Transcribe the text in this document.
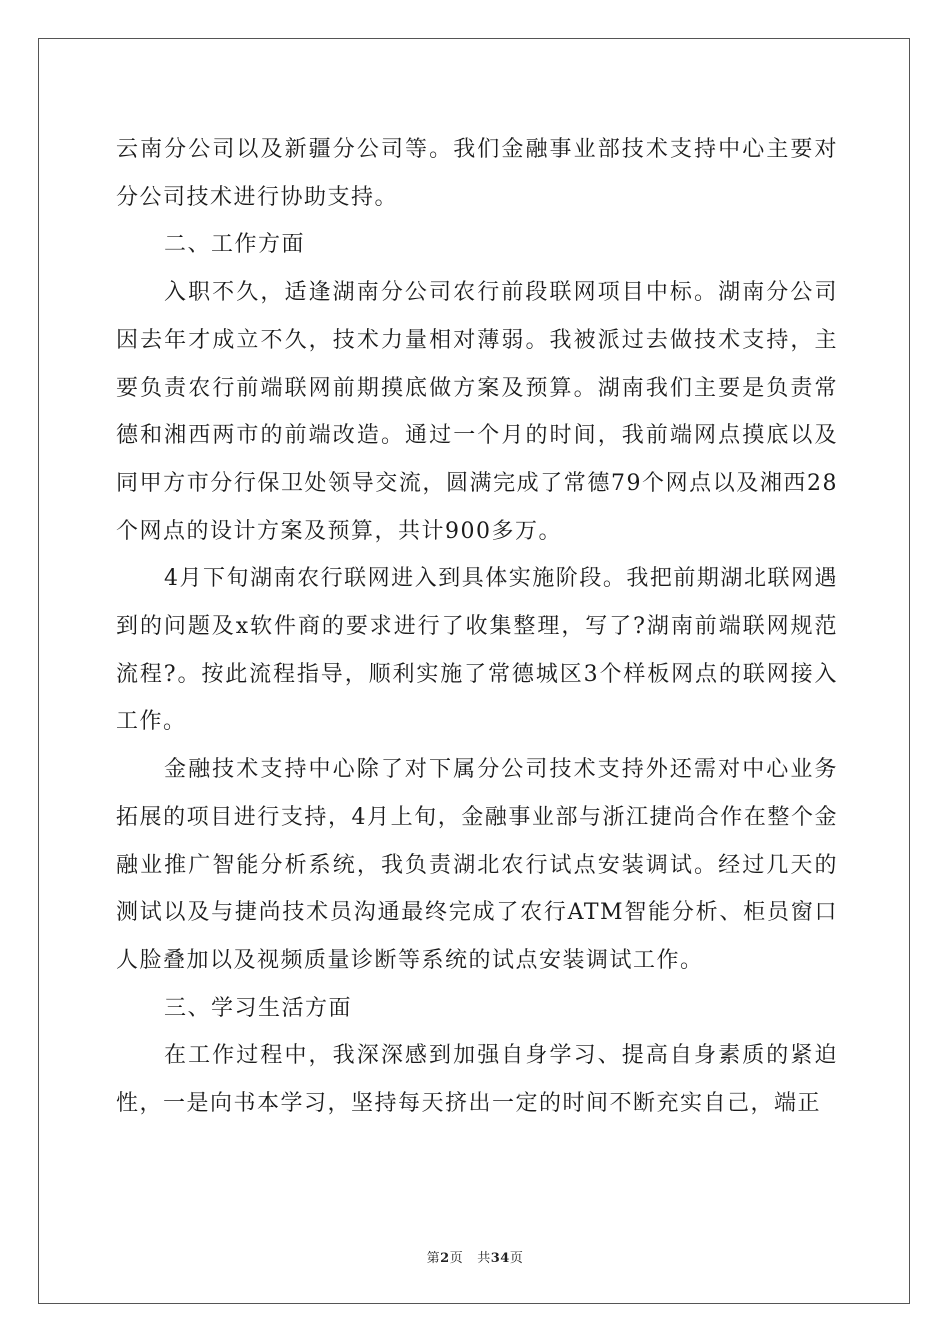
云南分公司以及新疆分公司等。我们金融事业部技术支持中心主要对分公司技术进行协助支持。

二、工作方面

入职不久，适逢湖南分公司农行前段联网项目中标。湖南分公司因去年才成立不久，技术力量相对薄弱。我被派过去做技术支持，主要负责农行前端联网前期摸底做方案及预算。湖南我们主要是负责常德和湘西两市的前端改造。通过一个月的时间，我前端网点摸底以及同甲方市分行保卫处领导交流，圆满完成了常德79个网点以及湘西28个网点的设计方案及预算，共计900多万。

4月下旬湖南农行联网进入到具体实施阶段。我把前期湖北联网遇到的问题及x软件商的要求进行了收集整理，写了?湖南前端联网规范流程?。按此流程指导，顺利实施了常德城区3个样板网点的联网接入工作。

金融技术支持中心除了对下属分公司技术支持外还需对中心业务拓展的项目进行支持，4月上旬，金融事业部与浙江捷尚合作在整个金融业推广智能分析系统，我负责湖北农行试点安装调试。经过几天的测试以及与捷尚技术员沟通最终完成了农行ATM智能分析、柜员窗口人脸叠加以及视频质量诊断等系统的试点安装调试工作。

三、学习生活方面

在工作过程中，我深深感到加强自身学习、提高自身素质的紧迫性，一是向书本学习，坚持每天挤出一定的时间不断充实自己，端正

第2页 共34页
